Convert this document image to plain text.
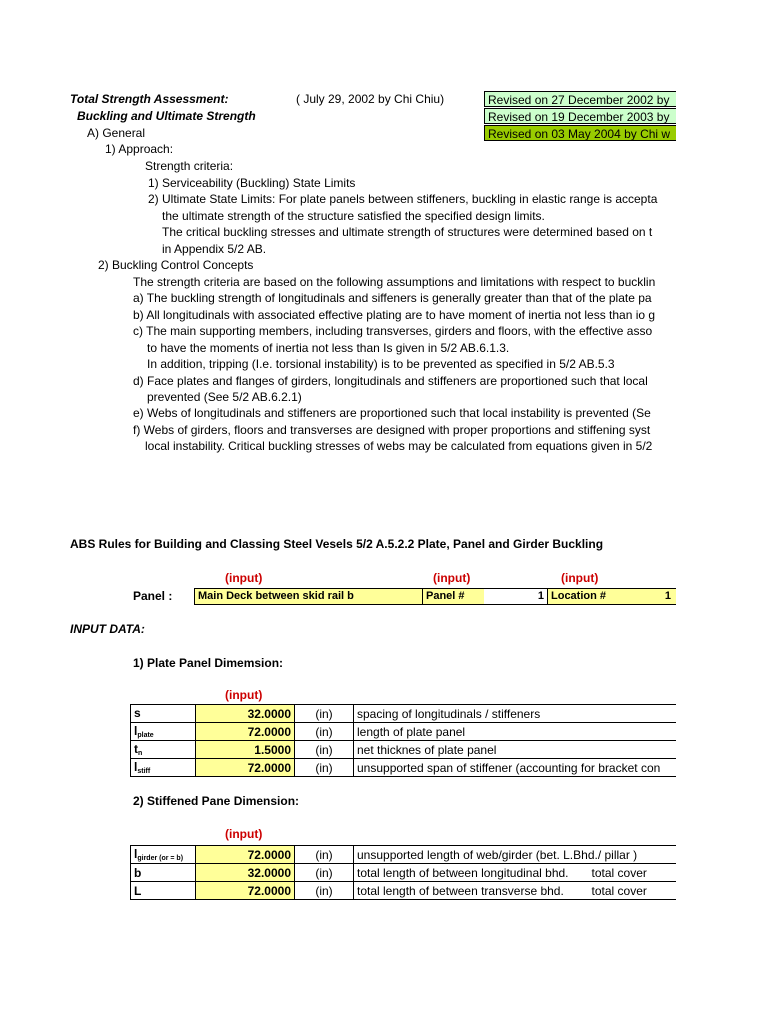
Total Strength Assessment:	( July 29, 2002 by Chi Chiu)
Buckling and Ultimate Strength
Revised on 27 December 2002 by
Revised on 19 December 2003 by
Revised on 03 May 2004 by Chi w
A) General
1) Approach:
Strength criteria:
1) Serviceability (Buckling) State Limits
2) Ultimate State Limits: For plate panels between stiffeners, buckling in elastic range is accepta
the ultimate strength of the structure satisfied the specified design limits.
The critical buckling stresses and ultimate strength of structures were determined based on t
in Appendix 5/2 AB.
2) Buckling Control Concepts
The strength criteria are based on the following assumptions and limitations with respect to bucklin
a) The buckling strength of longitudinals and siffeners is generally greater than that of the plate pa
b) All longitudinals with associated effective plating are to have moment of inertia not less than io g
c) The main supporting members, including transverses, girders and floors, with the effective asso
to have the moments of inertia not less than Is given in 5/2 AB.6.1.3.
In addition, tripping (I.e. torsional instability) is to be prevented as specified in 5/2 AB.5.3
d) Face plates and flanges of girders, longitudinals and stiffeners are proportioned such that local
prevented (See 5/2 AB.6.2.1)
e) Webs of longitudinals and stiffeners are proportioned such that local instability is prevented (Se
f) Webs of girders, floors and transverses are designed with proper proportions and stiffening syst
local instability. Critical buckling stresses of webs may be calculated from equations given in 5/2
ABS Rules for Building and Classing Steel Vesels 5/2 A.5.2.2 Plate, Panel and Girder Buckling
(input)	(input)	(input)
Panel :	Main Deck between skid rail b	Panel #	1 Location #	1
INPUT DATA:
1) Plate Panel Dimemsion:
(input)
s	32.0000	(in)	spacing of longitudinals / stiffeners
$l_{plate}$	72.0000	(in)	length of plate panel
$t_n$	1.5000	(in)	net thicknes of plate panel
$l_{stiff}$	72.0000	(in)	unsupported span of stiffener (accounting for bracket con
2) Stiffened Pane Dimension:
(input)
$l_{girder (or = b)}$	72.0000	(in)	unsupported length of web/girder (bet. L.Bhd./ pillar )	
b	32.0000	(in)	total length of between longitudinal bhd.	total cover
L	72.0000	(in)	total length of between transverse bhd.	total cover
